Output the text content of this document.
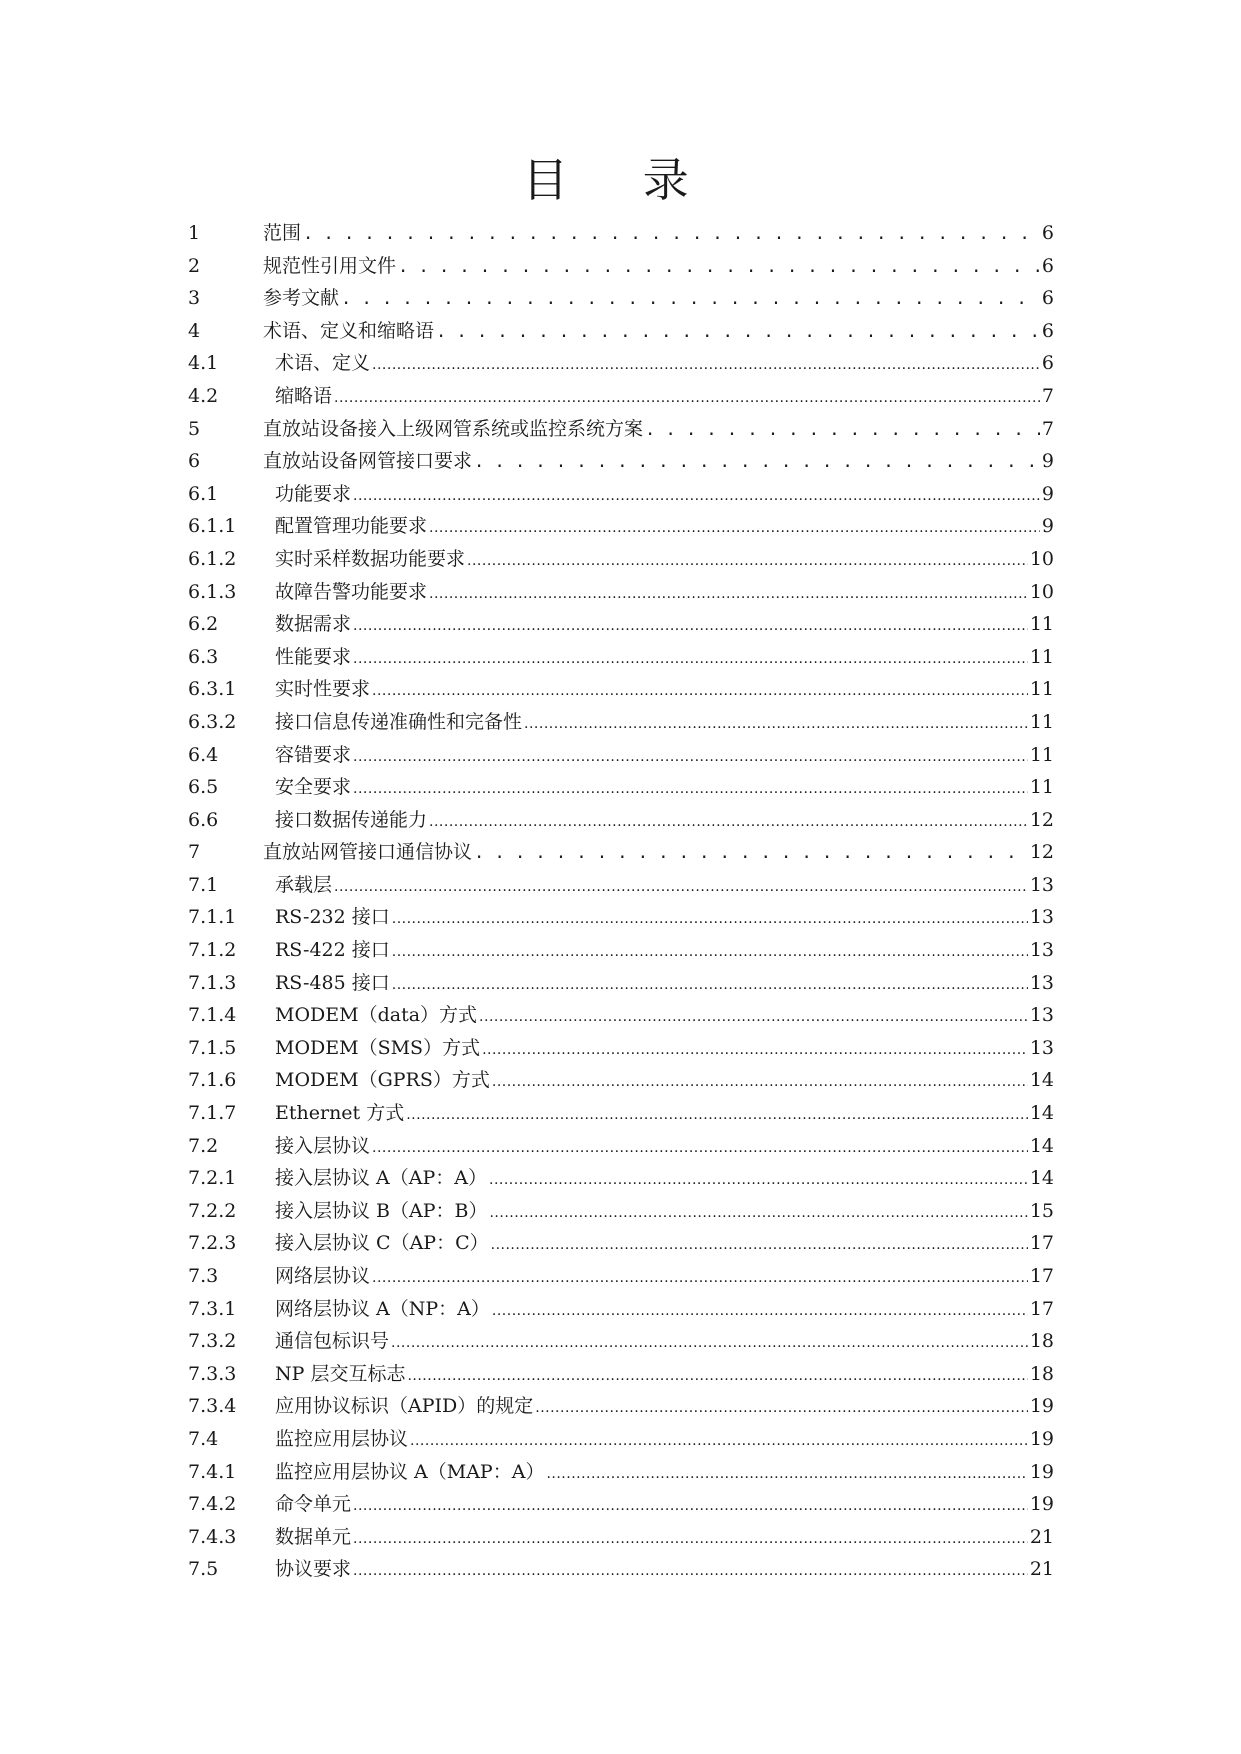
目 录
1	范围 . . .	6
2	规范性引用文件 . . .	6
3	参考文献 . . .	6
4	术语、定义和缩略语 . . .	6
4.1	术语、定义 .....	6
4.2	缩略语 .....	7
5	直放站设备接入上级网管系统或监控系统方案 . . .	7
6	直放站设备网管接口要求 . . .	9
6.1	功能要求 .....	9
6.1.1	配置管理功能要求 .....	9
6.1.2	实时采样数据功能要求 .....	10
6.1.3	故障告警功能要求 .....	10
6.2	数据需求 .....	11
6.3	性能要求 .....	11
6.3.1	实时性要求 .....	11
6.3.2	接口信息传递准确性和完备性 .....	11
6.4	容错要求 .....	11
6.5	安全要求 .....	11
6.6	接口数据传递能力 .....	12
7	直放站网管接口通信协议 . . .	12
7.1	承载层 .....	13
7.1.1	RS-232 接口 .....	13
7.1.2	RS-422 接口 .....	13
7.1.3	RS-485 接口 .....	13
7.1.4	MODEM（data）方式 .....	13
7.1.5	MODEM（SMS）方式 .....	13
7.1.6	MODEM（GPRS）方式 .....	14
7.1.7	Ethernet 方式 .....	14
7.2	接入层协议 .....	14
7.2.1	接入层协议 A（AP：A） .....	14
7.2.2	接入层协议 B（AP：B） .....	15
7.2.3	接入层协议 C（AP：C） .....	17
7.3	网络层协议 .....	17
7.3.1	网络层协议 A（NP：A） .....	17
7.3.2	通信包标识号 .....	18
7.3.3	NP 层交互标志 .....	18
7.3.4	应用协议标识（APID）的规定 .....	19
7.4	监控应用层协议 .....	19
7.4.1	监控应用层协议 A（MAP：A） .....	19
7.4.2	命令单元 .....	19
7.4.3	数据单元 .....	21
7.5	协议要求 .....	21
